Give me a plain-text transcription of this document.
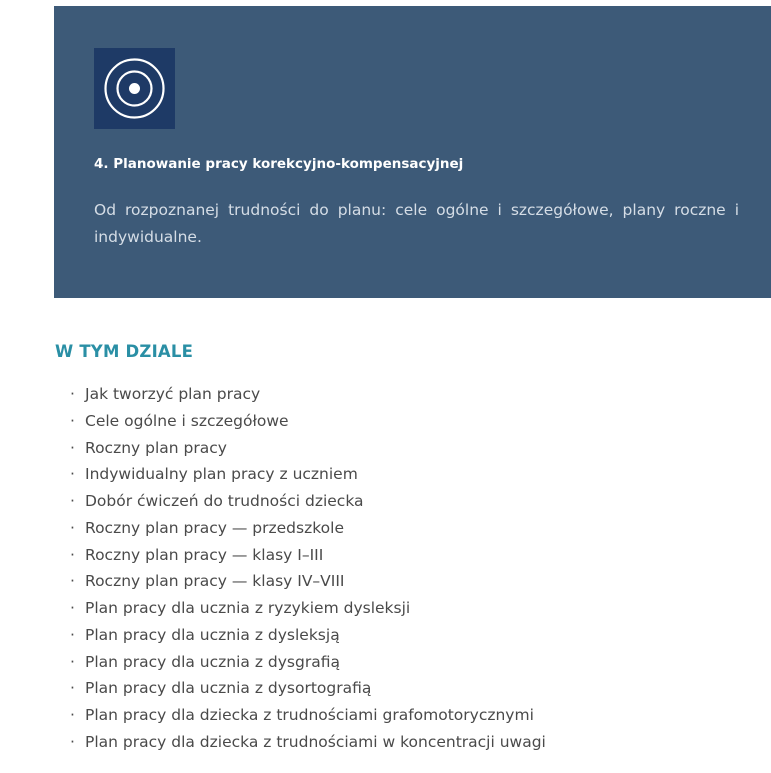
4. Planowanie pracy korekcyjno-kompensacyjnej
Od rozpoznanej trudności do planu: cele ogólne i szczegółowe, plany roczne i indywidualne.
W TYM DZIALE
· Jak tworzyć plan pracy
· Cele ogólne i szczegółowe
· Roczny plan pracy
· Indywidualny plan pracy z uczniem
· Dobór ćwiczeń do trudności dziecka
· Roczny plan pracy — przedszkole
· Roczny plan pracy — klasy I–III
· Roczny plan pracy — klasy IV–VIII
· Plan pracy dla ucznia z ryzykiem dysleksji
· Plan pracy dla ucznia z dysleksją
· Plan pracy dla ucznia z dysgrafią
· Plan pracy dla ucznia z dysortografią
· Plan pracy dla dziecka z trudnościami grafomotorycznymi
· Plan pracy dla dziecka z trudnościami w koncentracji uwagi
